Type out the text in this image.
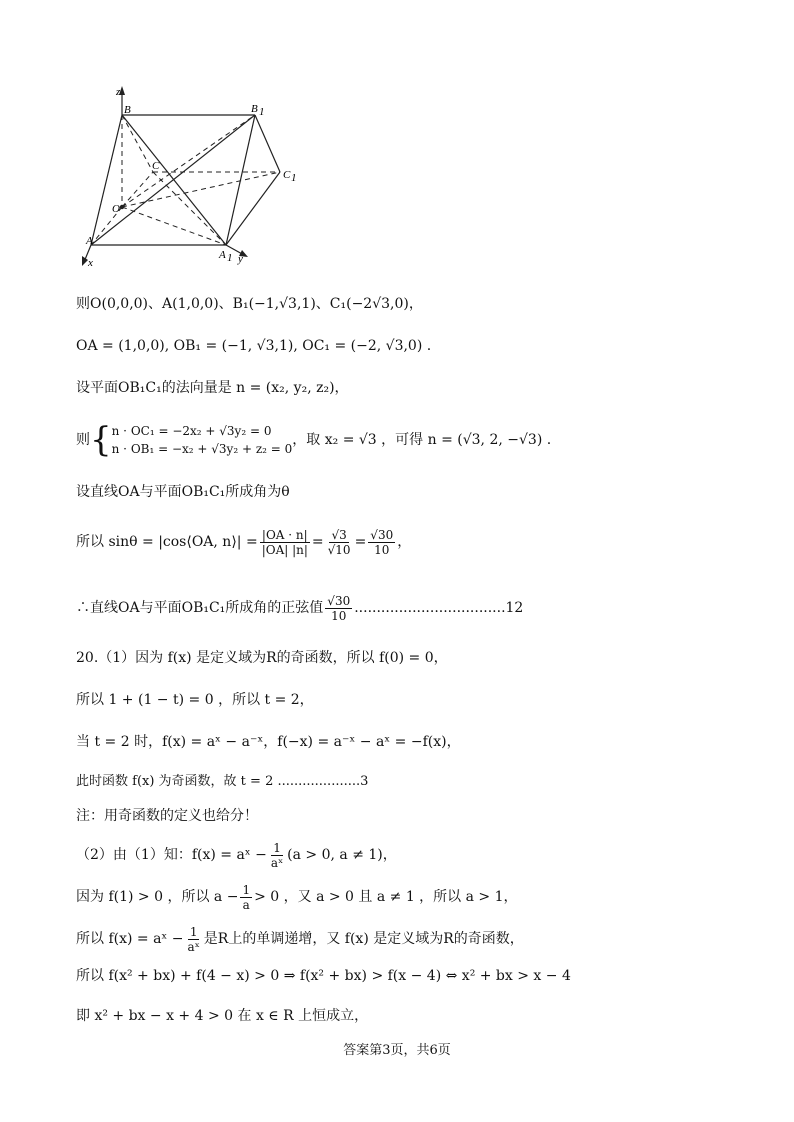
z
B	B 1
C
C 1
O
A
A 1 y
x
则O(0,0,0)、A(1,0,0)、B₁(−1,√3,1)、C₁(−2√3,0)，
OA = (1,0,0), OB₁ = (−1, √3,1), OC₁ = (−2, √3,0) .
设平面OB₁C₁的法向量是 n = (x₂, y₂, z₂)，
则{ n · OC₁ = −2x₂ + √3y₂ = 0
n · OB₁ = −x₂ + √3y₂ + z₂ = 0
，取 x₂ = √3 ，可得 n = (√3, 2, −√3) .
设直线OA与平面OB₁C₁所成角为θ
所以 sinθ = |cos⟨OA, n⟩| = $\frac{|OA \cdot n|}{|OA| |n|} = \frac{√3}{√10} = \frac{√30}{10}$ ，
∴直线OA与平面OB₁C₁所成角的正弦值 $\frac{√30}{10} ..................................12$
20.（1）因为 f(x) 是定义域为R的奇函数，所以 f(0) = 0，
所以 1 + (1 − t) = 0 ，所以 t = 2，
当 t = 2 时，f(x) = aˣ − a⁻ˣ，f(−x) = a⁻ˣ − aˣ = −f(x)，
此时函数 f(x) 为奇函数，故 t = 2 ....................3
注：用奇函数的定义也给分！
（2）由（1）知：f(x) = aˣ − $\frac{1}{\text{aˣ}} (a > 0$, a ≠ 1)，
因为 f(1) > 0 ，所以 $a - \frac{1}{a} > 0$ ，又 a > 0 且 a ≠ 1 ，所以 a > 1，
所以 f(x) = aˣ − $\frac{1}{\text{aˣ}}$ 是R上的单调递增，又 f(x) 是定义域为R的奇函数，
所以 f(x² + bx) + f(4 − x) > 0 ⇒ f(x² + bx) > f(x − 4) ⇔ x² + bx > x − 4
即 x² + bx − x + 4 > 0 在 x ∈ R 上恒成立，
答案第3页，共6页
